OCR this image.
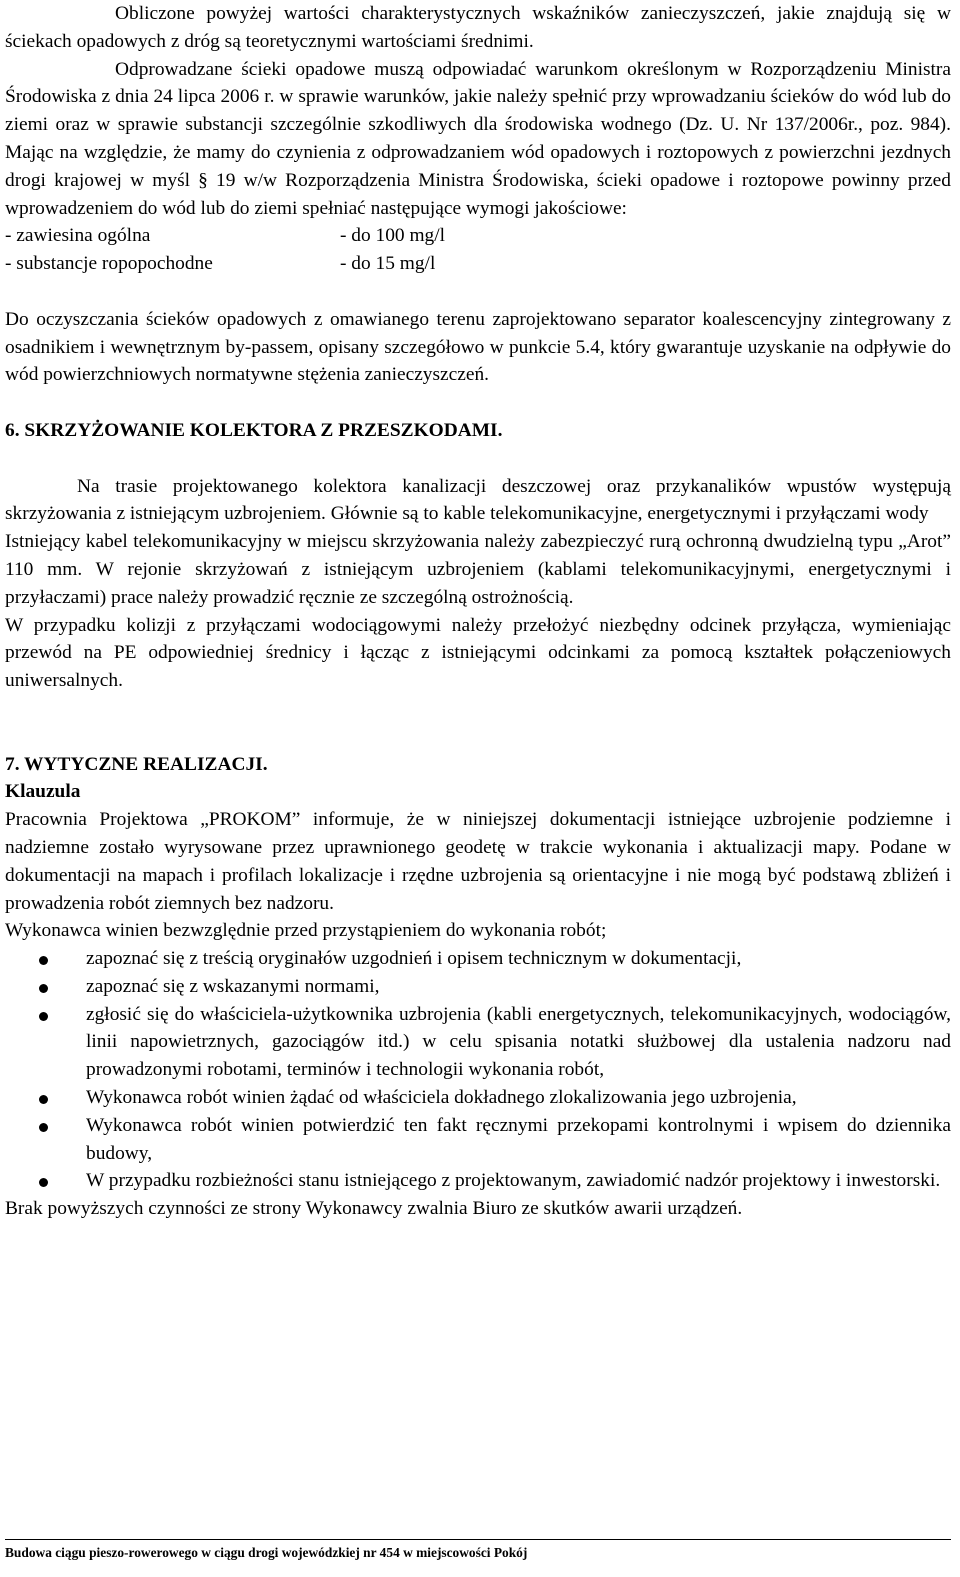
Obliczone powyżej wartości charakterystycznych wskaźników zanieczyszczeń, jakie znajdują się w ściekach opadowych z dróg są teoretycznymi wartościami średnimi.

Odprowadzane ścieki opadowe muszą odpowiadać warunkom określonym w Rozporządzeniu Ministra Środowiska z dnia 24 lipca 2006 r. w sprawie warunków, jakie należy spełnić przy wprowadzaniu ścieków do wód lub do ziemi oraz w sprawie substancji szczególnie szkodliwych dla środowiska wodnego (Dz. U. Nr 137/2006r., poz. 984). Mając na względzie, że mamy do czynienia z odprowadzaniem wód opadowych i roztopowych z powierzchni jezdnych drogi krajowej w myśl § 19 w/w Rozporządzenia Ministra Środowiska, ścieki opadowe i roztopowe powinny przed wprowadzeniem do wód lub do ziemi spełniać następujące wymogi jakościowe:

- zawiesina ogólna	- do 100 mg/l
- substancje ropopochodne	- do 15 mg/l

Do oczyszczania ścieków opadowych z omawianego terenu zaprojektowano separator koalescencyjny zintegrowany z osadnikiem i wewnętrznym by-passem, opisany szczegółowo w punkcie 5.4, który gwarantuje uzyskanie na odpływie do wód powierzchniowych normatywne stężenia zanieczyszczeń.

6. SKRZYŻOWANIE KOLEKTORA Z PRZESZKODAMI.

Na trasie projektowanego kolektora kanalizacji deszczowej oraz przykanalików wpustów występują skrzyżowania z istniejącym uzbrojeniem. Głównie są to kable telekomunikacyjne, energetycznymi i przyłączami wody

Istniejący kabel telekomunikacyjny w miejscu skrzyżowania należy zabezpieczyć rurą ochronną dwudzielną typu „Arot” 110 mm. W rejonie skrzyżowań z istniejącym uzbrojeniem (kablami telekomunikacyjnymi, energetycznymi i przyłaczami) prace należy prowadzić ręcznie ze szczególną ostrożnością.

W przypadku kolizji z przyłączami wodociągowymi należy przełożyć niezbędny odcinek przyłącza, wymieniając przewód na PE odpowiedniej średnicy i łącząc z istniejącymi odcinkami za pomocą kształtek połączeniowych uniwersalnych.

7. WYTYCZNE REALIZACJI.
Klauzula

Pracownia Projektowa „PROKOM” informuje, że w niniejszej dokumentacji istniejące uzbrojenie podziemne i nadziemne zostało wyrysowane przez uprawnionego geodetę w trakcie wykonania i aktualizacji mapy. Podane w dokumentacji na mapach i profilach lokalizacje i rzędne uzbrojenia są orientacyjne i nie mogą być podstawą zbliżeń i prowadzenia robót ziemnych bez nadzoru.

Wykonawca winien bezwzględnie przed przystąpieniem do wykonania robót;

zapoznać się z treścią oryginałów uzgodnień i opisem technicznym w dokumentacji,
zapoznać się z wskazanymi normami,
zgłosić się do właściciela-użytkownika uzbrojenia (kabli energetycznych, telekomunikacyjnych, wodociągów, linii napowietrznych, gazociągów itd.) w celu spisania notatki służbowej dla ustalenia nadzoru nad prowadzonymi robotami, terminów i technologii wykonania robót,
Wykonawca robót winien żądać od właściciela dokładnego zlokalizowania jego uzbrojenia,
Wykonawca robót winien potwierdzić ten fakt ręcznymi przekopami kontrolnymi i wpisem do dziennika budowy,
W przypadku rozbieżności stanu istniejącego z projektowanym, zawiadomić nadzór projektowy i inwestorski.

Brak powyższych czynności ze strony Wykonawcy zwalnia Biuro ze skutków awarii urządzeń.

Budowa ciągu pieszo-rowerowego w ciągu drogi wojewódzkiej nr 454 w miejscowości Pokój
